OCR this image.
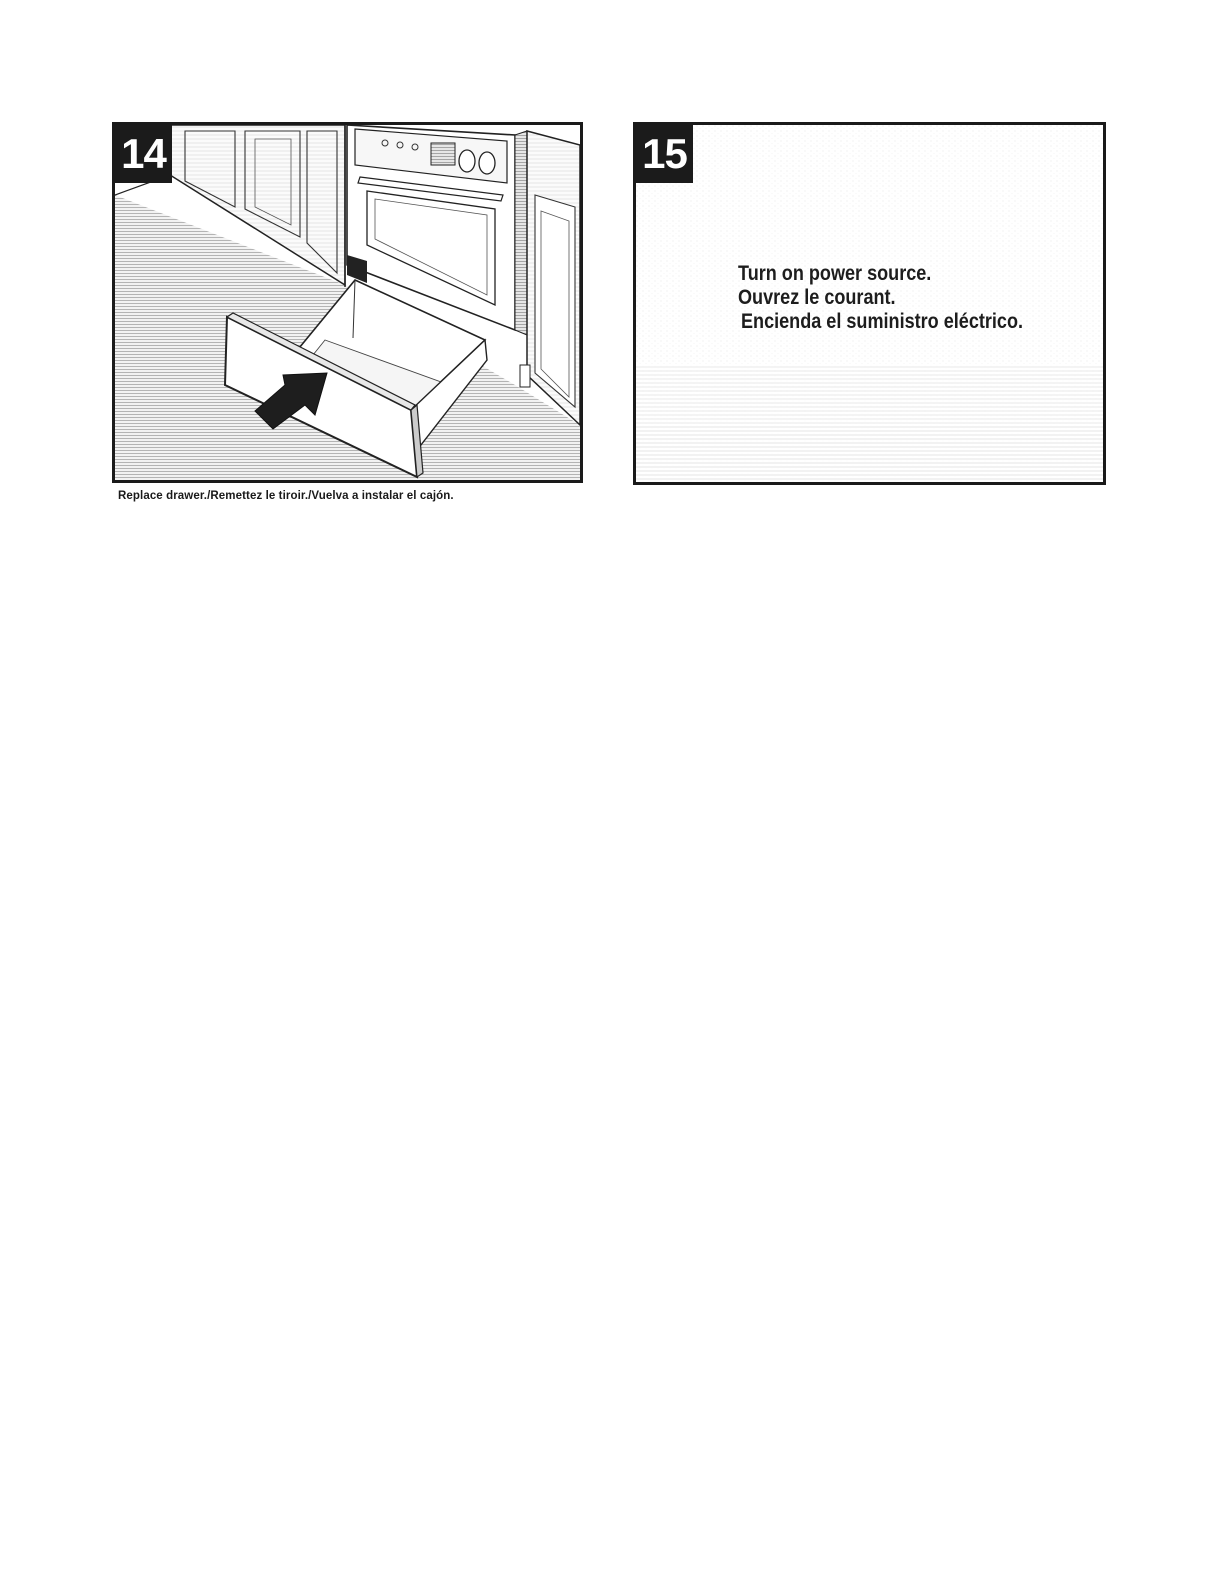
14
Replace drawer./Remettez le tiroir./Vuelva a instalar el cajón.
15
Turn on power source.
Ouvrez le courant.
Encienda el suministro eléctrico.
